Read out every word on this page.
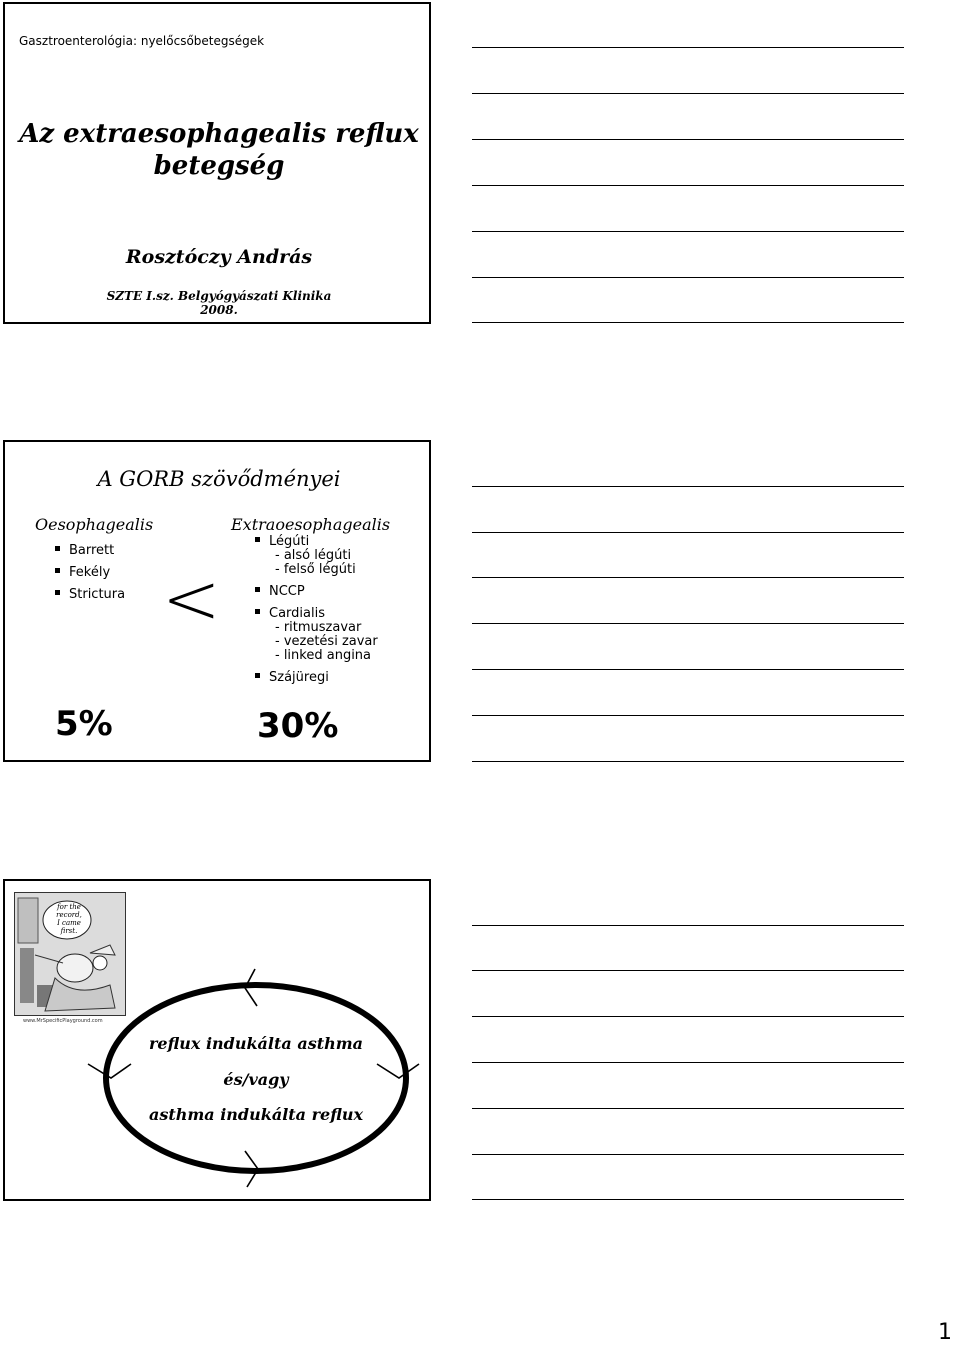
Gasztroenterológia: nyelőcsőbetegségek
Az extraesophagealis reflux
betegség
Rosztóczy András
SZTE I.sz. Belgyógyászati Klinika
2008.
A GORB szövődményei
Oesophagealis
Barrett
Fekély
Strictura <
Extraoesophagealis
Légúti
- alsó légúti
- felső légúti
NCCP
Cardialis
- ritmuszavar
- vezetési zavar
- linked angina
Szájüregi
5%	30%
for the
record,
I came
first.
www.MrSpecificPlayground.com
reflux indukálta asthma
és/vagy
asthma indukálta reflux
1
